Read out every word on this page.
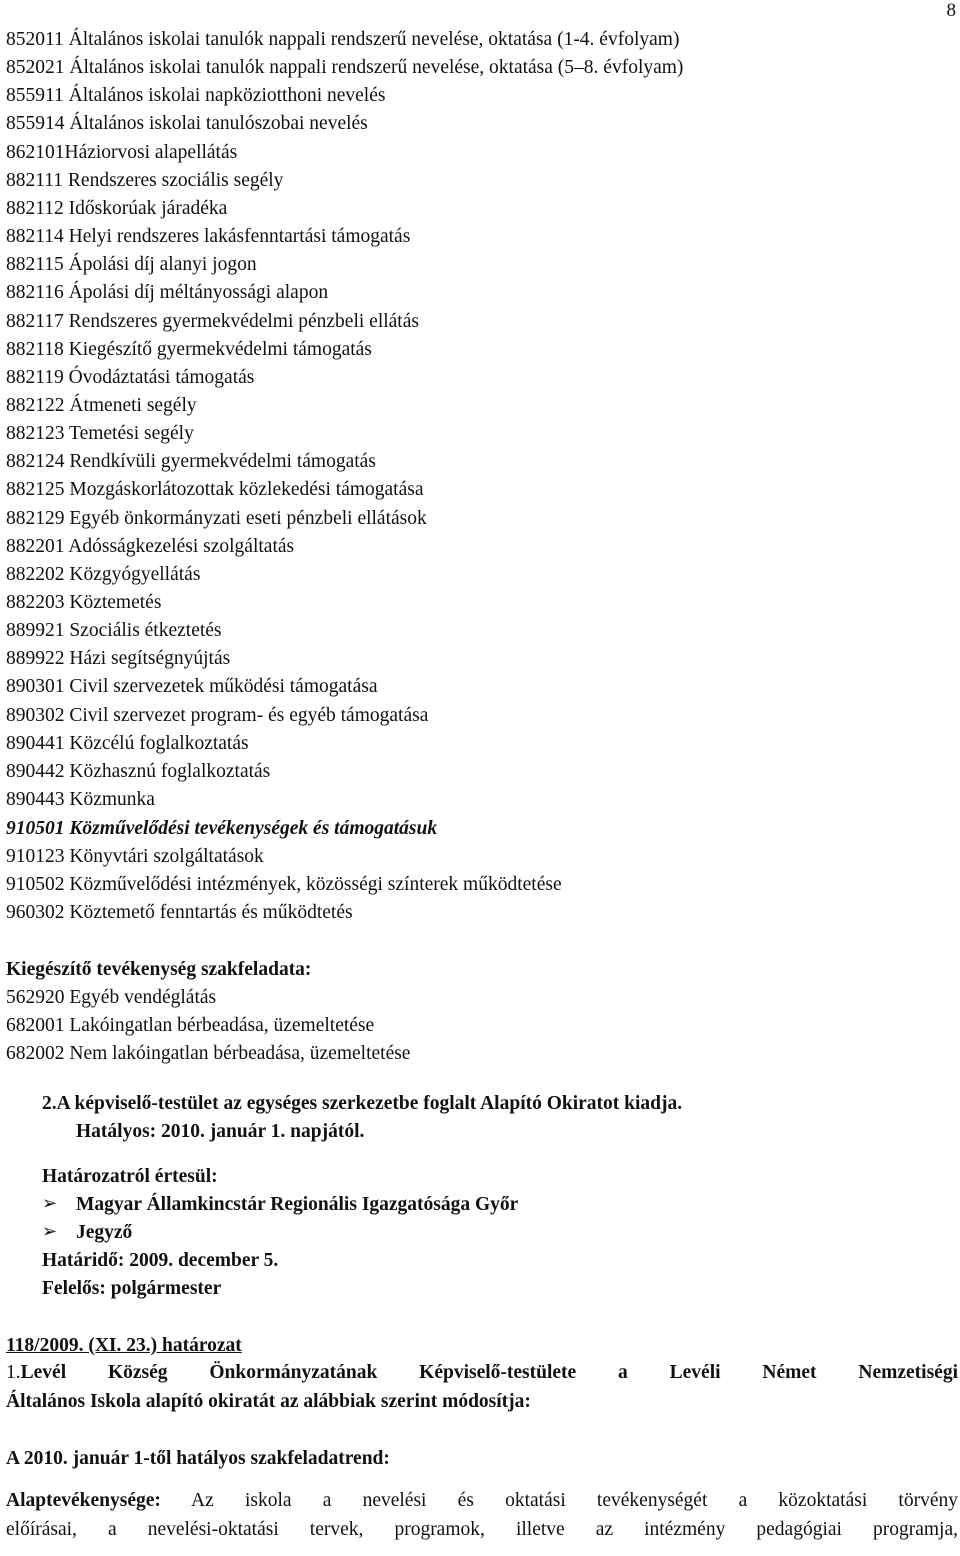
8
852011 Általános iskolai tanulók nappali rendszerű nevelése, oktatása (1-4. évfolyam)
852021 Általános iskolai tanulók nappali rendszerű nevelése, oktatása (5–8. évfolyam)
855911 Általános iskolai napköziotthoni nevelés
855914 Általános iskolai tanulószobai nevelés
862101Háziorvosi alapellátás
882111 Rendszeres szociális segély
882112 Időskorúak járadéka
882114 Helyi rendszeres lakásfenntartási támogatás
882115 Ápolási díj alanyi jogon
882116 Ápolási díj méltányossági alapon
882117 Rendszeres gyermekvédelmi pénzbeli ellátás
882118 Kiegészítő gyermekvédelmi támogatás
882119 Óvodáztatási támogatás
882122 Átmeneti segély
882123 Temetési segély
882124 Rendkívüli gyermekvédelmi támogatás
882125 Mozgáskorlátozottak közlekedési támogatása
882129 Egyéb önkormányzati eseti pénzbeli ellátások
882201 Adósságkezelési szolgáltatás
882202 Közgyógyellátás
882203 Köztemetés
889921 Szociális étkeztetés
889922 Házi segítségnyújtás
890301 Civil szervezetek működési támogatása
890302 Civil szervezet program- és egyéb támogatása
890441 Közcélú foglalkoztatás
890442 Közhasznú foglalkoztatás
890443 Közmunka
910501 Közművelődési tevékenységek és támogatásuk
910123 Könyvtári szolgáltatások
910502 Közművelődési intézmények, közösségi színterek működtetése
960302 Köztemető fenntartás és működtetés
Kiegészítő tevékenység szakfeladata:
562920 Egyéb vendéglátás
682001 Lakóingatlan bérbeadása, üzemeltetése
682002 Nem lakóingatlan bérbeadása, üzemeltetése
2.A képviselő-testület az egységes szerkezetbe foglalt Alapító Okiratot kiadja.
Hatályos: 2010. január 1. napjától.
Határozatról értesül:
➢ Magyar Államkincstár Regionális Igazgatósága Győr
➢ Jegyző
Határidő: 2009. december 5.
Felelős: polgármester
118/2009. (XI. 23.) határozat
1.Levél Község Önkormányzatának Képviselő-testülete a Levéli Német Nemzetiségi
Általános Iskola alapító okiratát az alábbiak szerint módosítja:
A 2010. január 1-től hatályos szakfeladatrend:
Alaptevékenysége: Az iskola a nevelési és oktatási tevékenységét a közoktatási törvény
előírásai, a nevelési-oktatási tervek, programok, illetve az intézmény pedagógiai programja,
